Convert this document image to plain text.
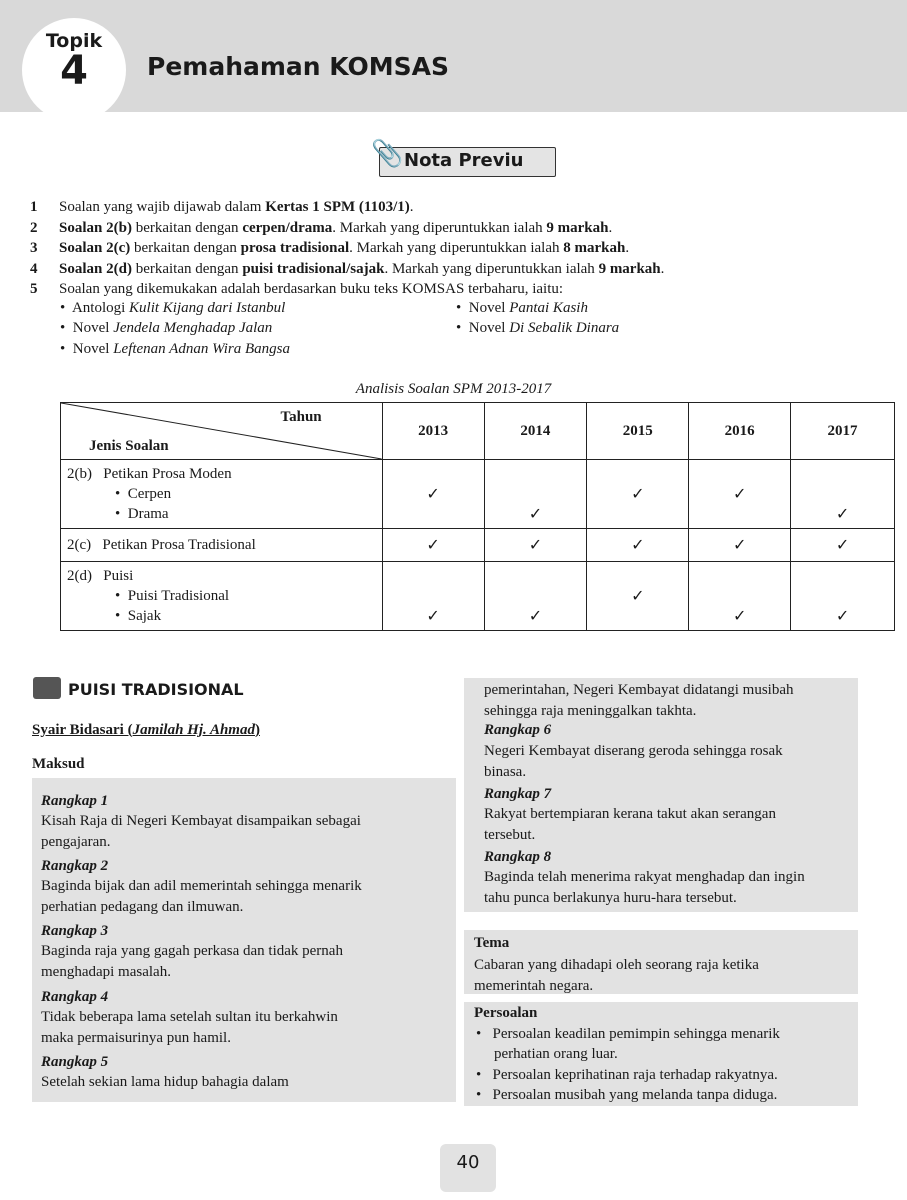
Topik
4	Pemahaman KOMSAS
📎 Nota Previu
1 Soalan yang wajib dijawab dalam Kertas 1 SPM (1103/1).
2 Soalan 2(b) berkaitan dengan cerpen/drama. Markah yang diperuntukkan ialah 9 markah.
3 Soalan 2(c) berkaitan dengan prosa tradisional. Markah yang diperuntukkan ialah 8 markah.
4 Soalan 2(d) berkaitan dengan puisi tradisional/sajak. Markah yang diperuntukkan ialah 9 markah.
5 Soalan yang dikemukakan adalah berdasarkan buku teks KOMSAS terbaharu, iaitu:
• Antologi Kulit Kijang dari Istanbul
• Novel Jendela Menghadap Jalan
• Novel Leftenan Adnan Wira Bangsa
• Novel Pantai Kasih
• Novel Di Sebalik Dinara
Analisis Soalan SPM 2013-2017
Tahun
Jenis Soalan	2013	2014	2015	2016	2017

2(b) Petikan Prosa Moden
• Cerpen
• Drama	✓	✓	✓	✓	✓

2(c) Petikan Prosa Tradisional	✓	✓	✓	✓	✓

2(d) Puisi
• Puisi Tradisional
• Sajak	✓	✓	✓	✓	✓
PUISI TRADISIONAL
Syair Bidasari (Jamilah Hj. Ahmad)
Maksud
Rangkap 1
Kisah Raja di Negeri Kembayat disampaikan sebagai
pengajaran.
Rangkap 2
Baginda bijak dan adil memerintah sehingga menarik
perhatian pedagang dan ilmuwan.
Rangkap 3
Baginda raja yang gagah perkasa dan tidak pernah
menghadapi masalah.
Rangkap 4
Tidak beberapa lama setelah sultan itu berkahwin
maka permaisurinya pun hamil.
Rangkap 5
Setelah sekian lama hidup bahagia dalam
pemerintahan, Negeri Kembayat didatangi musibah
sehingga raja meninggalkan takhta.
Rangkap 6
Negeri Kembayat diserang geroda sehingga rosak
binasa.
Rangkap 7
Rakyat bertempiaran kerana takut akan serangan
tersebut.
Rangkap 8
Baginda telah menerima rakyat menghadap dan ingin
tahu punca berlakunya huru-hara tersebut.
Tema
Cabaran yang dihadapi oleh seorang raja ketika
memerintah negara.
Persoalan
• Persoalan keadilan pemimpin sehingga menarik
perhatian orang luar.
• Persoalan keprihatinan raja terhadap rakyatnya.
• Persoalan musibah yang melanda tanpa diduga.
40
